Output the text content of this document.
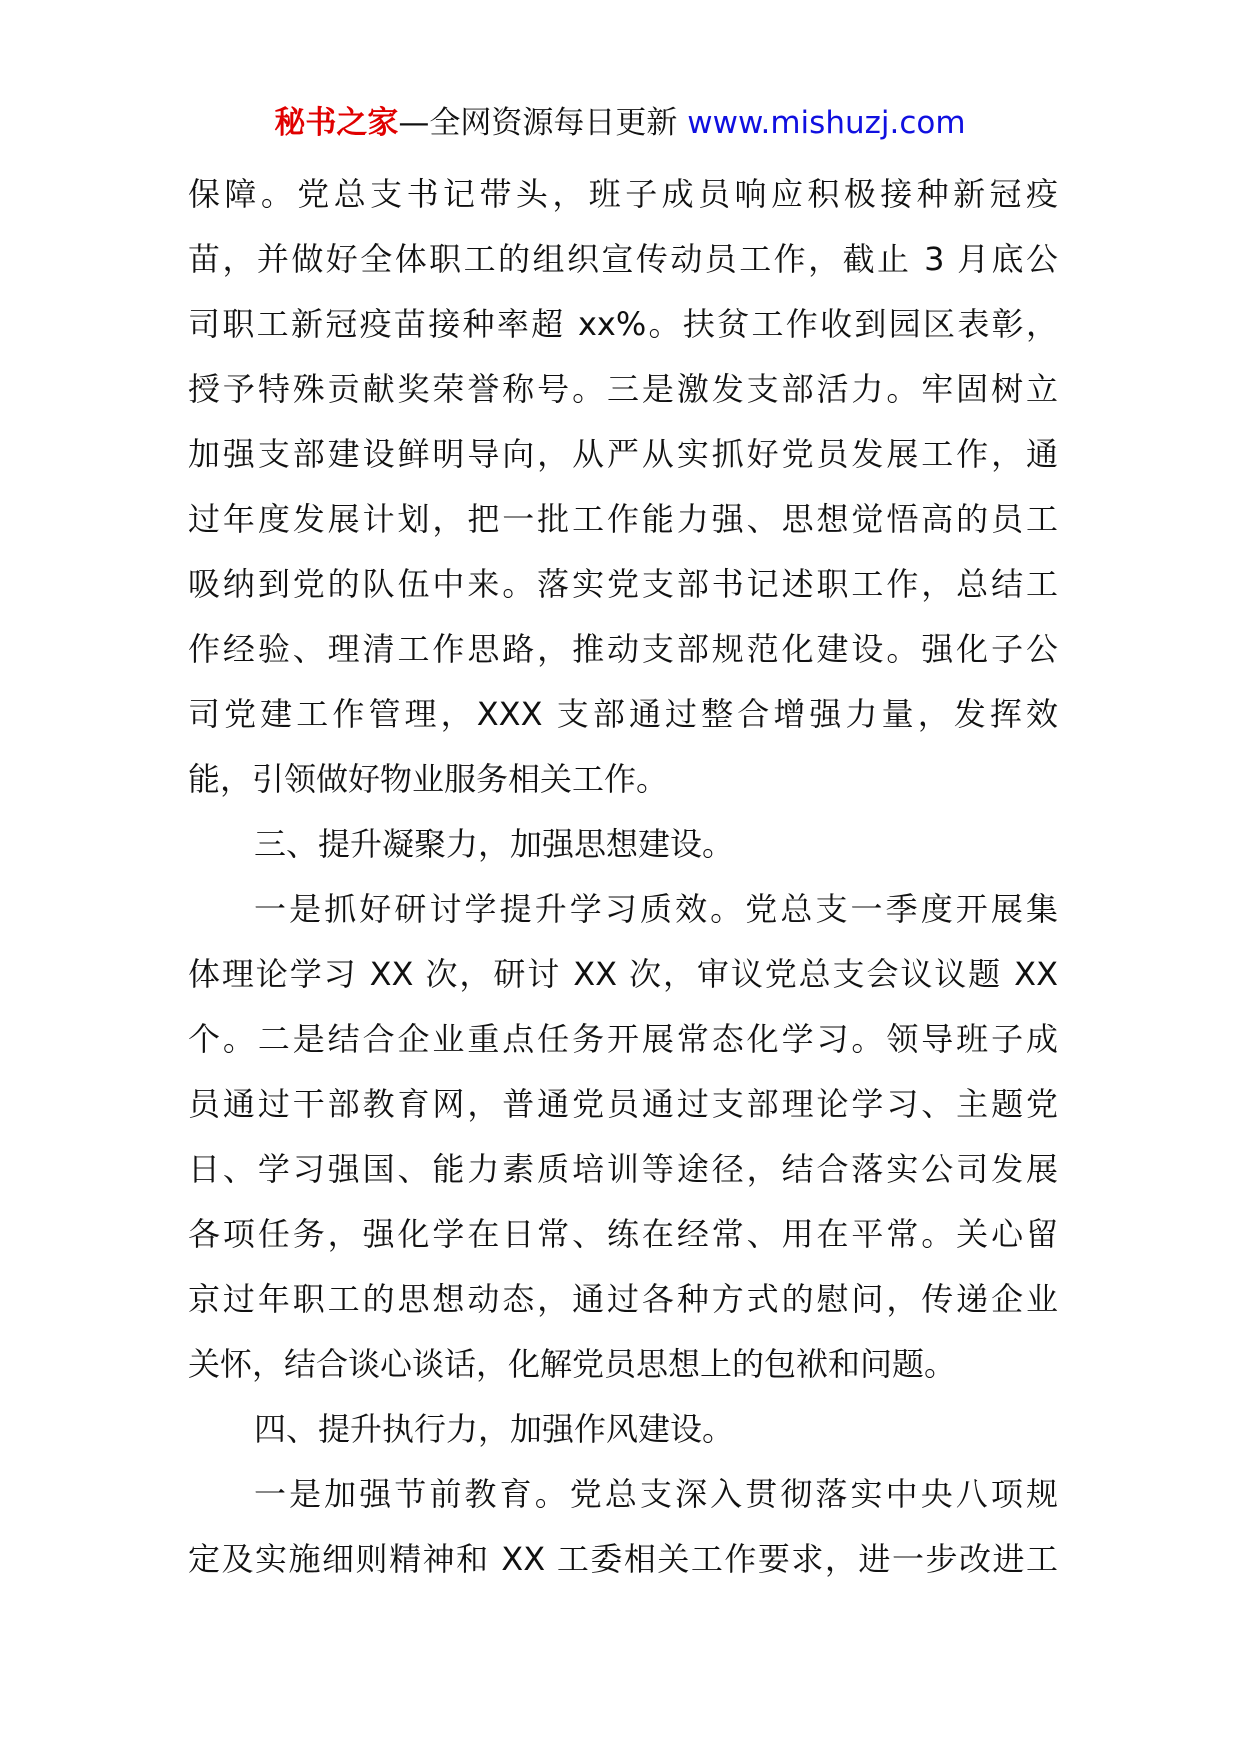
秘书之家—全网资源每日更新 www.mishuzj.com
保障。党总支书记带头，班子成员响应积极接种新冠疫
苗，并做好全体职工的组织宣传动员工作，截止 3 月底公
司职工新冠疫苗接种率超 xx%。扶贫工作收到园区表彰，
授予特殊贡献奖荣誉称号。三是激发支部活力。牢固树立
加强支部建设鲜明导向，从严从实抓好党员发展工作，通
过年度发展计划，把一批工作能力强、思想觉悟高的员工
吸纳到党的队伍中来。落实党支部书记述职工作，总结工
作经验、理清工作思路，推动支部规范化建设。强化子公
司党建工作管理，XXX 支部通过整合增强力量，发挥效
能，引领做好物业服务相关工作。
三、提升凝聚力，加强思想建设。
一是抓好研讨学提升学习质效。党总支一季度开展集
体理论学习 XX 次，研讨 XX 次，审议党总支会议议题 XX
个。二是结合企业重点任务开展常态化学习。领导班子成
员通过干部教育网，普通党员通过支部理论学习、主题党
日、学习强国、能力素质培训等途径，结合落实公司发展
各项任务，强化学在日常、练在经常、用在平常。关心留
京过年职工的思想动态，通过各种方式的慰问，传递企业
关怀，结合谈心谈话，化解党员思想上的包袱和问题。
四、提升执行力，加强作风建设。
一是加强节前教育。党总支深入贯彻落实中央八项规
定及实施细则精神和 XX 工委相关工作要求，进一步改进工
